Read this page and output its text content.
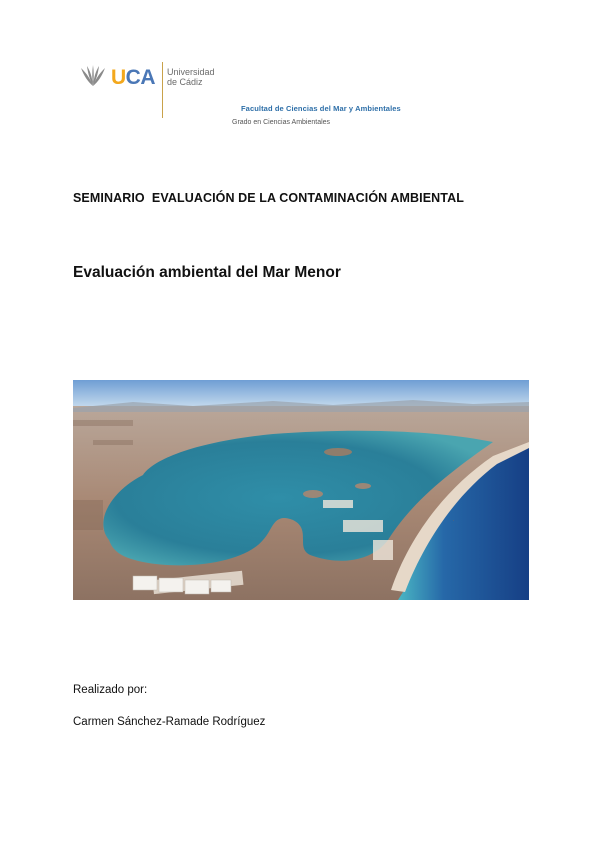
UCA Universidad
de Cádiz
Facultad de Ciencias del Mar y Ambientales
Grado en Ciencias Ambientales
SEMINARIO  EVALUACIÓN DE LA CONTAMINACIÓN AMBIENTAL
Evaluación ambiental del Mar Menor
Realizado por:
Carmen Sánchez-Ramade Rodríguez
